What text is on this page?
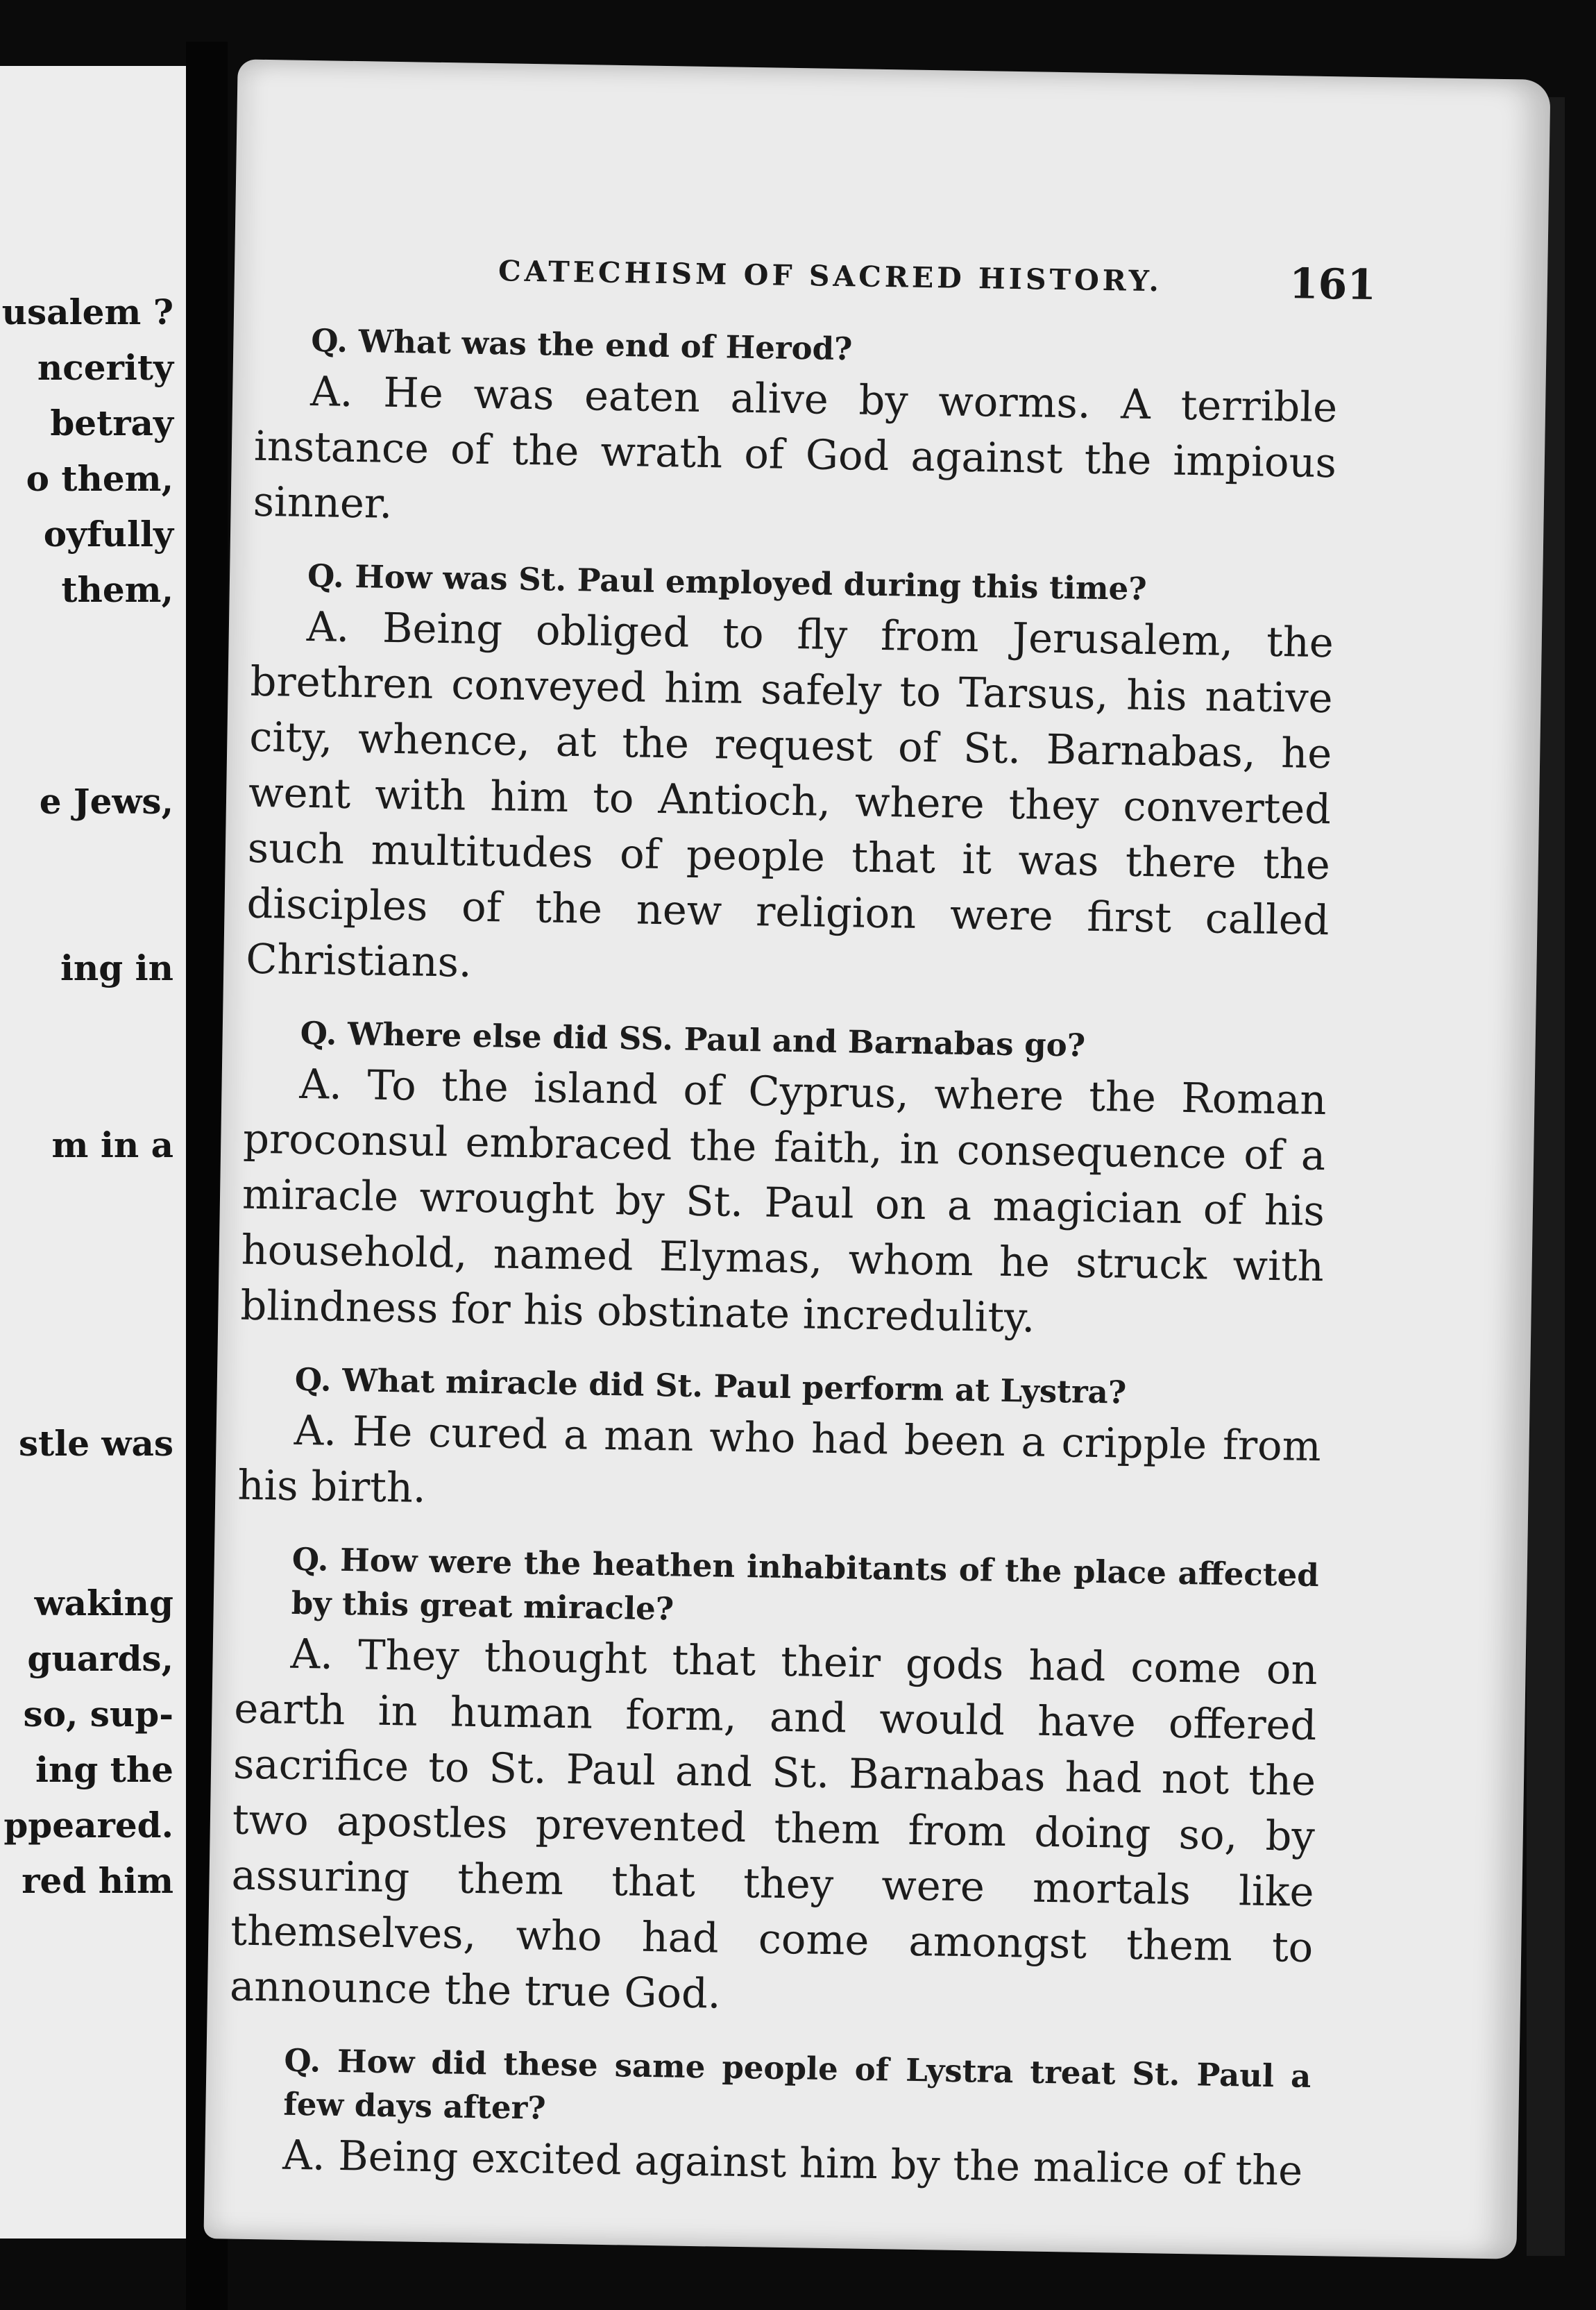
usalem ?

ncerity

betray

o them,

oyfully

them,

e Jews,

ing in

m in a

stle was

waking

guards,

so, sup-

ing the

ppeared.

red him

CATECHISM OF SACRED HISTORY.	161

Q. What was the end of Herod?

A. He was eaten alive by worms. A terrible instance of the wrath of God against the impious sinner.

Q. How was St. Paul employed during this time?

A. Being obliged to fly from Jerusalem, the brethren conveyed him safely to Tarsus, his native city, whence, at the request of St. Barnabas, he went with him to Antioch, where they converted such multitudes of people that it was there the disciples of the new religion were first called Christians.

Q. Where else did SS. Paul and Barnabas go?

A. To the island of Cyprus, where the Roman proconsul embraced the faith, in consequence of a miracle wrought by St. Paul on a magician of his household, named Elymas, whom he struck with blindness for his obstinate incredulity.

Q. What miracle did St. Paul perform at Lystra?

A. He cured a man who had been a cripple from his birth.

Q. How were the heathen inhabitants of the place affected by this great miracle?

A. They thought that their gods had come on earth in human form, and would have offered sacrifice to St. Paul and St. Barnabas had not the two apostles prevented them from doing so, by assuring them that they were mortals like themselves, who had come amongst them to announce the true God.

Q. How did these same people of Lystra treat St. Paul a few days after?

A. Being excited against him by the malice of the
